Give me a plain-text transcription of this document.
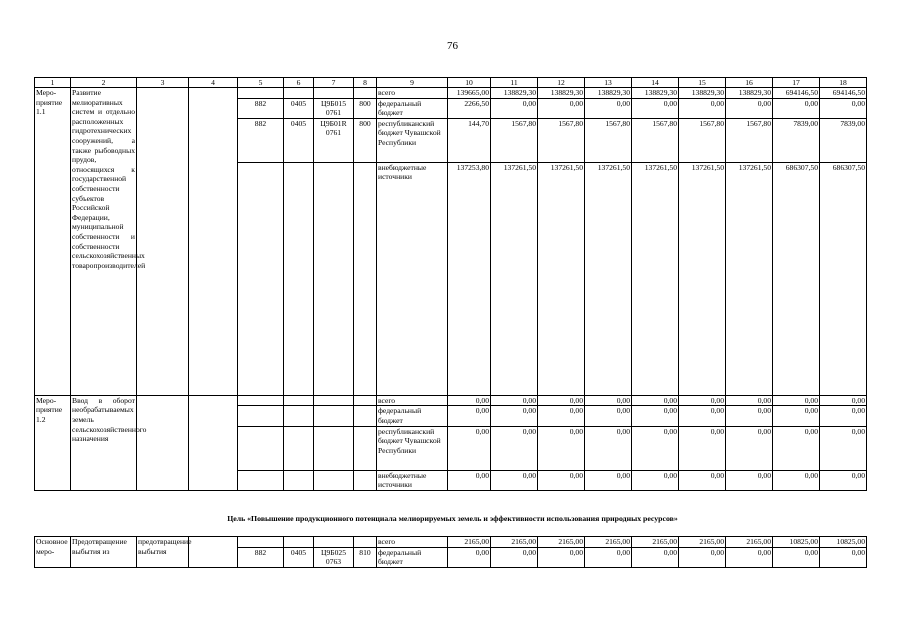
76
1	2	3	4	5	6	7	8	9	10	11	12	13	14	15	16	17	18
Меро-приятие 1.1	Развитие мелиоративных систем и отдельно расположенных гидротехнических сооружений, а также рыбоводных прудов, относящихся к государственной собственности субъектов Российской Федерации, муниципальной собственности и собственности сельскохозяйственных товаропроизводителей							всего	139665,00	138829,30	138829,30	138829,30	138829,30	138829,30	138829,30	694146,50	694146,50
				882	0405	Ц9Б015 0761	800	федеральный бюджет	2266,50	0,00	0,00	0,00	0,00	0,00	0,00	0,00	0,00
				882	0405	Ц9Б01R 0761	800	республиканский бюджет Чувашской Республики	144,70	1567,80	1567,80	1567,80	1567,80	1567,80	1567,80	7839,00	7839,00
								внебюджетные источники	137253,80	137261,50	137261,50	137261,50	137261,50	137261,50	137261,50	686307,50	686307,50
Меро-приятие 1.2	Ввод в оборот необрабатываемых земель сельскохозяйственного назначения							всего	0,00	0,00	0,00	0,00	0,00	0,00	0,00	0,00	0,00
								федеральный бюджет	0,00	0,00	0,00	0,00	0,00	0,00	0,00	0,00	0,00
								республиканский бюджет Чувашской Республики	0,00	0,00	0,00	0,00	0,00	0,00	0,00	0,00	0,00
								внебюджетные источники	0,00	0,00	0,00	0,00	0,00	0,00	0,00	0,00	0,00
Цель «Повышение продукционного потенциала мелиорируемых земель и эффективности использования природных ресурсов»
Основное меро-	Предотвращение выбытия из	предотвращение выбытия						всего	2165,00	2165,00	2165,00	2165,00	2165,00	2165,00	2165,00	10825,00	10825,00
				882	0405	Ц9Б025 0763	810	федеральный бюджет	0,00	0,00	0,00	0,00	0,00	0,00	0,00	0,00	0,00
